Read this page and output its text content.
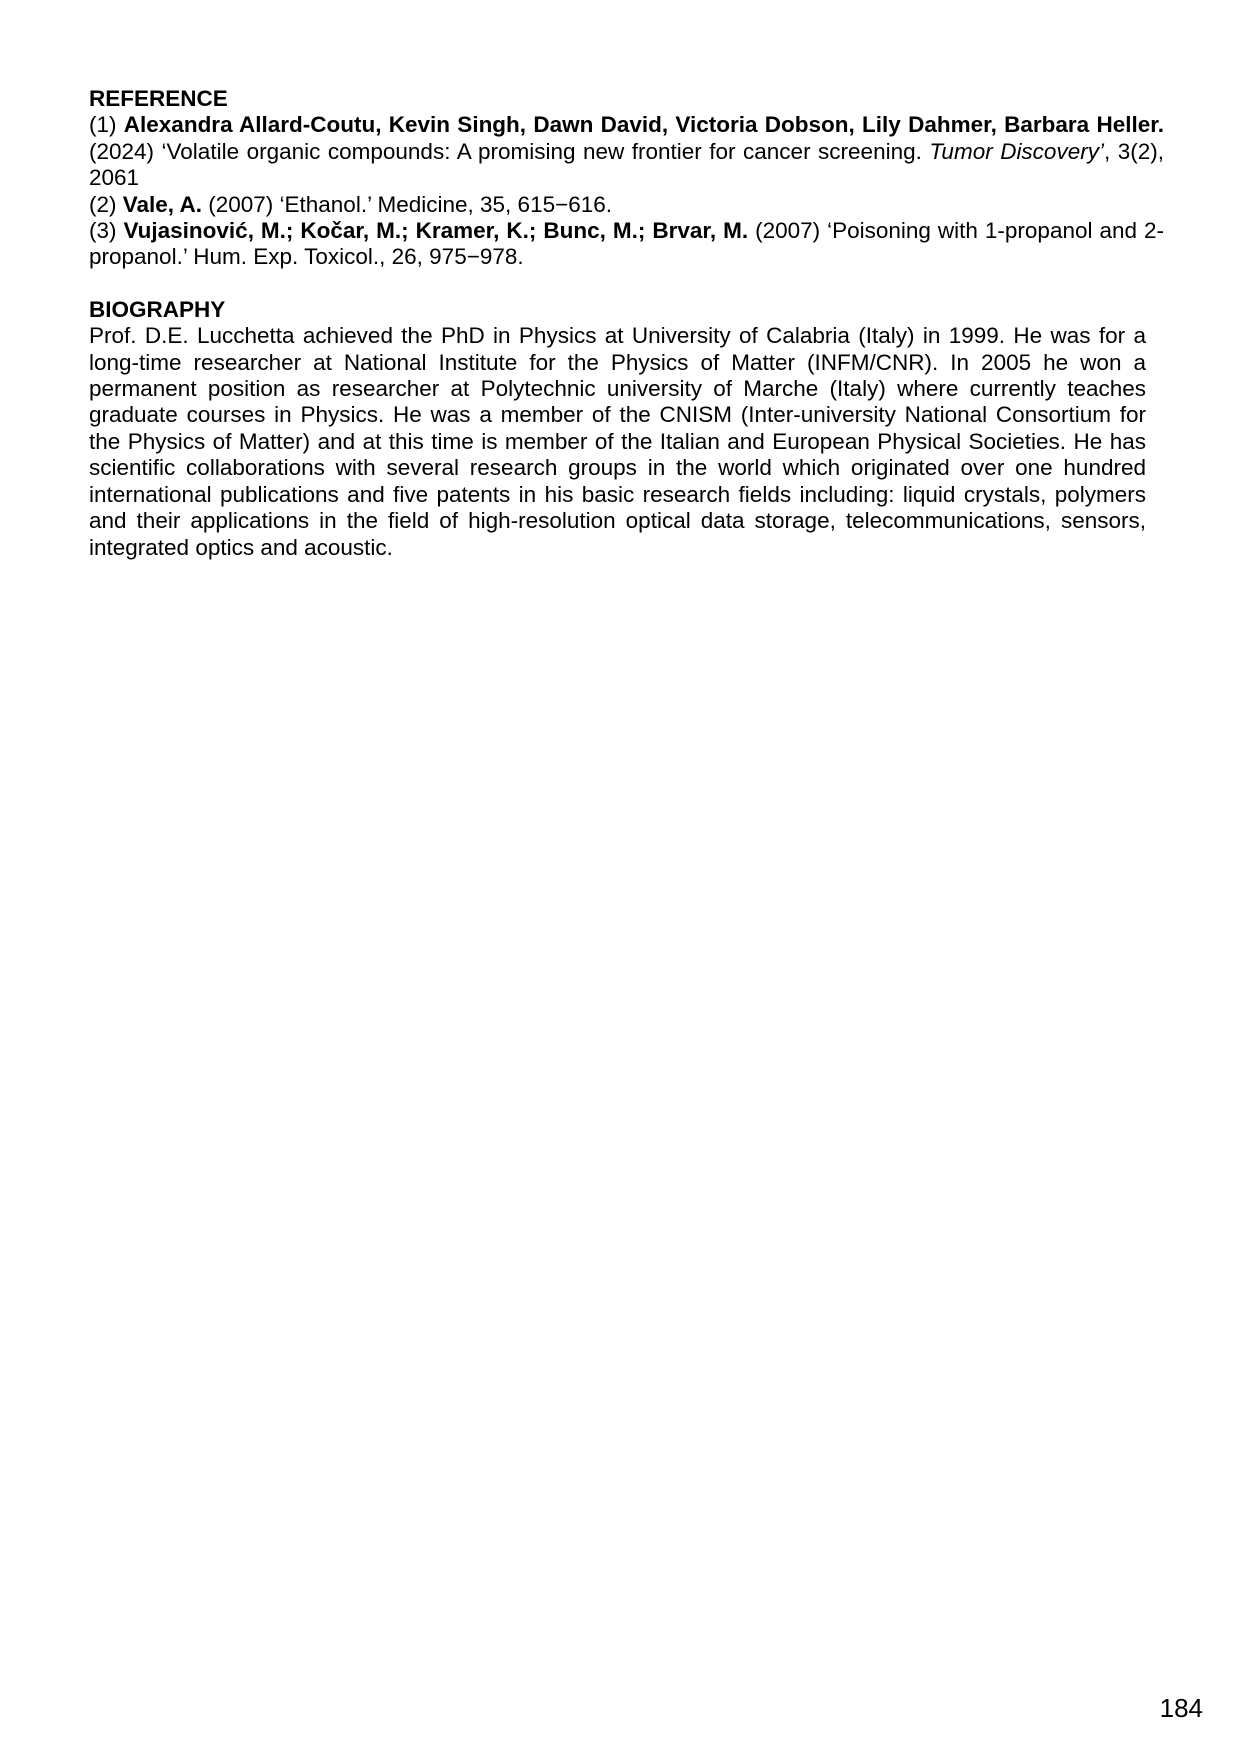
REFERENCE

(1) Alexandra Allard-Coutu, Kevin Singh, Dawn David, Victoria Dobson, Lily Dahmer, Barbara Heller. (2024) ‘Volatile organic compounds: A promising new frontier for cancer screening. Tumor Discovery’, 3(2), 2061

(2) Vale, A. (2007) ‘Ethanol.’ Medicine, 35, 615−616.

(3) Vujasinović, M.; Kočar, M.; Kramer, K.; Bunc, M.; Brvar, M. (2007) ‘Poisoning with 1-propanol and 2-propanol.’ Hum. Exp. Toxicol., 26, 975−978.

BIOGRAPHY

Prof. D.E. Lucchetta achieved the PhD in Physics at University of Calabria (Italy) in 1999. He was for a long-time researcher at National Institute for the Physics of Matter (INFM/CNR). In 2005 he won a permanent position as researcher at Polytechnic university of Marche (Italy) where currently teaches graduate courses in Physics. He was a member of the CNISM (Inter-university National Consortium for the Physics of Matter) and at this time is member of the Italian and European Physical Societies. He has scientific collaborations with several research groups in the world which originated over one hundred international publications and five patents in his basic research fields including: liquid crystals, polymers and their applications in the field of high-resolution optical data storage, telecommunications, sensors, integrated optics and acoustic.

184
